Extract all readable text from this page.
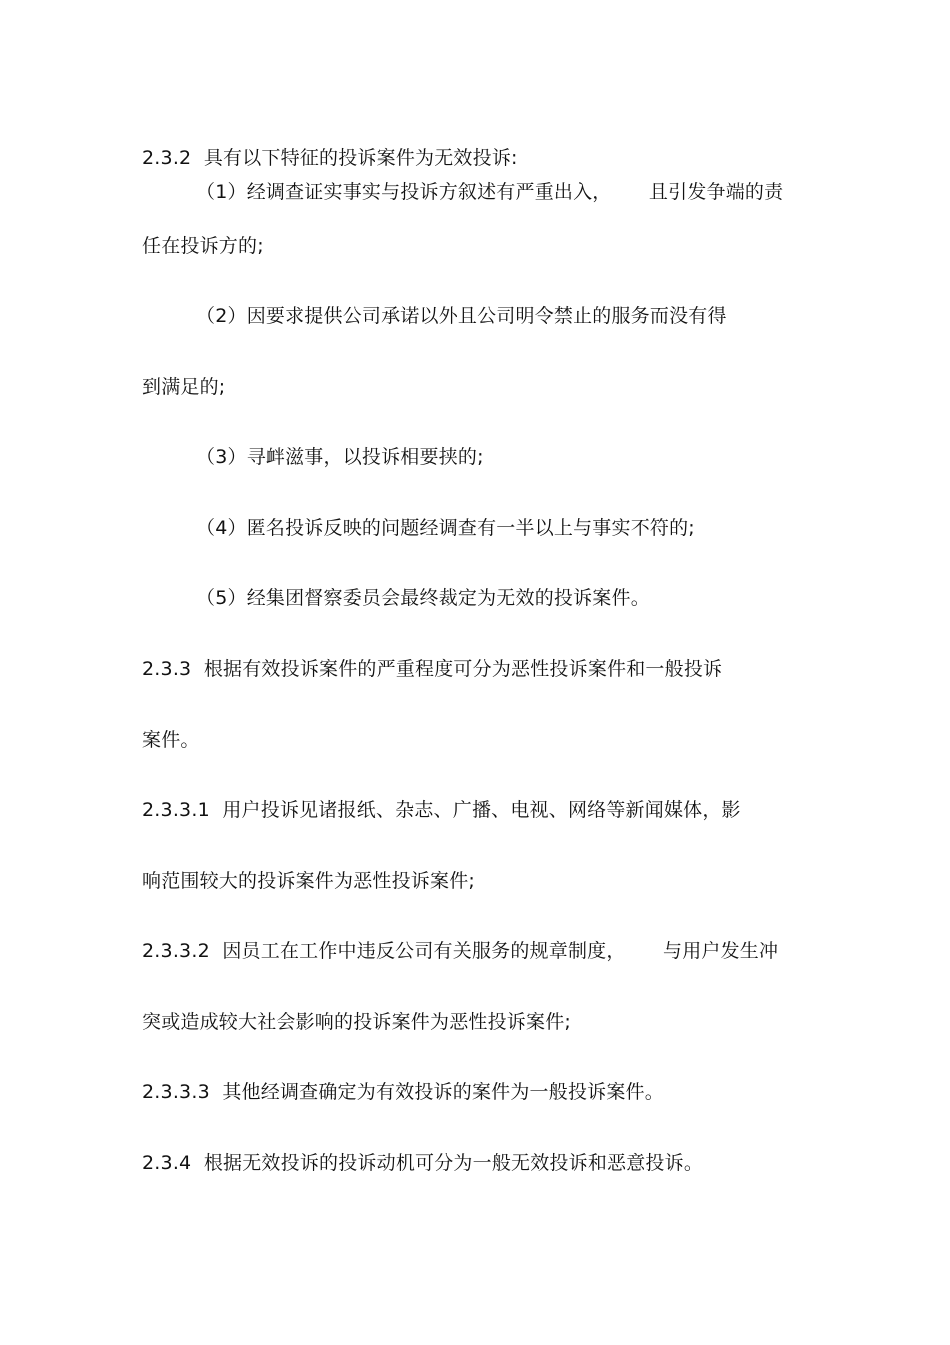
2.3.2  具有以下特征的投诉案件为无效投诉:
（1）经调查证实事实与投诉方叙述有严重出入，      且引发争端的责
任在投诉方的;
（2）因要求提供公司承诺以外且公司明令禁止的服务而没有得
到满足的;
（3）寻衅滋事，以投诉相要挟的;
（4）匿名投诉反映的问题经调查有一半以上与事实不符的;
（5）经集团督察委员会最终裁定为无效的投诉案件。
2.3.3  根据有效投诉案件的严重程度可分为恶性投诉案件和一般投诉
案件。
2.3.3.1  用户投诉见诸报纸、杂志、广播、电视、网络等新闻媒体，影
响范围较大的投诉案件为恶性投诉案件;
2.3.3.2  因员工在工作中违反公司有关服务的规章制度，      与用户发生冲
突或造成较大社会影响的投诉案件为恶性投诉案件;
2.3.3.3  其他经调查确定为有效投诉的案件为一般投诉案件。
2.3.4  根据无效投诉的投诉动机可分为一般无效投诉和恶意投诉。
